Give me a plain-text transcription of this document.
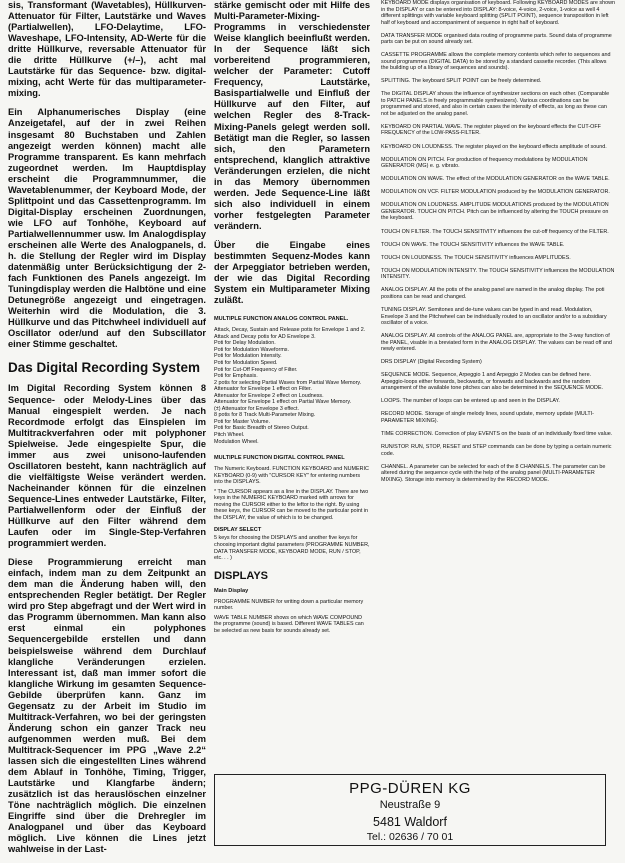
sis, Transformant (Wavetables), Hüllkurven-Attenuator für Filter, Lautstärke und Waves (Partialwellen), LFO-Delaytime, LFO-Waveshape, LFO-Intensity, AD-Werte für die dritte Hüllkurve, reversable Attenuator für die dritte Hüllkurve (+/–), acht mal Lautstärke für das Sequence- bzw. digital-mixing, acht Werte für das multiparameter-mixing.

Ein Alphanumerisches Display (eine Anzeigetafel, auf der in zwei Reihen insgesamt 80 Buchstaben und Zahlen angezeigt werden können) macht alle Programme transparent. Es kann mehrfach zugeordnet werden. Im Hauptdisplay erscheint die Programmnummer, die Wavetablenummer, der Keyboard Mode, der Splittpoint und das Cassettenprogramm. Im Digital-Display erscheinen Zuordnungen, wie LFO auf Tonhöhe, Keyboard auf Partialwellennummer usw. Im Analogdisplay erscheinen alle Werte des Analogpanels, d. h. die Stellung der Regler wird im Display datenmäßig unter Berücksichtigung der 2-fach Funktionen des Panels angezeigt. Im Tuningdisplay werden die Halbtöne und eine Detunegröße angezeigt und eingetragen. Weiterhin wird die Modulation, die 3. Hüllkurve und das Pitchwheel individuell auf Oscillator oder/und auf den Subscillator einer Stimme geschaltet.

Das Digital Recording System

Im Digital Recording System können 8 Sequence- oder Melody-Lines über das Manual eingespielt werden. Je nach Recordmode erfolgt das Einspielen im Multitrackverfahren oder mit polyphoner Spielweise. Jede eingespielte Spur, die immer aus zwei unisono-laufenden Oscillatoren besteht, kann nachträglich auf die vielfältigste Weise verändert werden. Nacheinander können für die einzelnen Sequence-Lines entweder Lautstärke, Filter, Partialwellenform oder der Einfluß der Hüllkurve auf den Filter während dem Laufen oder im Single-Step-Verfahren programmiert werden.

Diese Programmierung erreicht man einfach, indem man zu dem Zeitpunkt an dem man die Änderung haben will, den entsprechenden Regler betätigt. Der Regler wird pro Step abgefragt und der Wert wird in das Programm übernommen. Man kann also erst einmal ein polyphones Sequencergebilde erstellen und dann beispielsweise während dem Durchlauf klangliche Veränderungen erzielen. Interessant ist, daß man immer sofort die klangliche Wirkung im gesamten Sequence-Gebilde überprüfen kann. Ganz im Gegensatz zu der Arbeit im Studio im Multitrack-Verfahren, wo bei der geringsten Änderung schon ein ganzer Track neu aufgenommen werden muß. Bei dem Multitrack-Sequencer im PPG „Wave 2.2“ lassen sich die eingestellten Lines während dem Ablauf in Tonhöhe, Timing, Trigger, Lautstärke und Klangfarbe ändern; zusätzlich ist das herauslöschen einzelner Töne nachträglich möglich. Die einzelnen Eingriffe sind über die Drehregler im Analogpanel und über das Keyboard möglich. Live können die Lines jetzt wahlweise in der Last-

stärke gemischt oder mit Hilfe des Multi-Parameter-Mixing-Programms in verschiedenster Weise klanglich beeinflußt werden. In der Sequence läßt sich vorbereitend programmieren, welcher der Parameter: Cutoff Frequency, Lautstärke, Basispartialwelle und Einfluß der Hüllkurve auf den Filter, auf welchen Regler des 8-Track-Mixing-Panels gelegt werden soll. Betätigt man die Regler, so lassen sich, den Parametern entsprechend, klanglich attraktive Veränderungen erzielen, die nicht in das Memory übernommen werden. Jede Sequence-Line läßt sich also individuell in einem vorher festgelegten Parameter verändern.

Über die Eingabe eines bestimmten Sequenz-Modes kann der Arpeggiator betrieben werden, der wie das Digital Recording System ein Multiparameter Mixing zuläßt.

MULTIPLE FUNCTION ANALOG CONTROL PANEL.
Attack, Decay, Sustain and Release potis for Envelope 1 and 2.
Attack and Decay potis for AD Envelope 3.
Poti for Delay Modulation.
Poti for Modulation Waveforms.
Poti for Modulation Intensity.
Poti for Modulation Speed.
Poti for Cut-Off Frequency of Filter.
Poti for Emphasis.
2 potis for selecting Partial Waves from Partial Wave Memory.
Attenuator for Envelope 1 effect on Filter.
Attenuator for Envelope 2 effect on Loudness.
Attenuator for Envelope 1 effect on Partial Wave Memory.
(±) Attenuator for Envelope 3 effect.
8 potis for 8 Track Multi-Parameter Mixing.
Poti for Master Volume.
Poti for Basic Breadth of Stereo Output.
Pitch Wheel.
Modulation Wheel.
MULTIPLE FUNCTION DIGITAL CONTROL PANEL

The Numeric Keyboard. FUNCTION KEYBOARD and NUMERIC KEYBOARD (0-9) with "CURSOR KEY" for entering numbers into the DISPLAYS.

* The CURSOR appears as a line in the DISPLAY. There are two keys in the NUMERIC KEYBOARD marked with arrows for moving the CURSOR either to the leftor to the right. By using these keys, the CURSOR can be moved to the particular point in the DISPLAY, the value of which is to be changed.

DISPLAY SELECT

5 keys for choosing the DISPLAYS and another five keys for choosing important digital parameters (PROGRAMME NUMBER, DATA TRANSFER MODE, KEYBOARD MODE, RUN / STOP, etc. . . )

DISPLAYS
Main Display

PROGRAMME NUMBER for writing down a particular memory number.

WAVE TABLE NUMBER shows on which WAVE COMPOUND the programme (sound) is based. Different WAVE TABLES can be selected as new basis for sounds already set.

KEYBOARD MODE displays organisation of keyboard. Following KEYBOARD MODES are shown in the DISPLAY or can be entered into DISPLAY: 8-voice, 4-voice, 2-voice, 1-voice as well 4 different splittings with variable keyboard splitting (SPLIT POINT), sequence transposition in left half of keyboard and accompaniment of sequence in right half of keyboard.

DATA TRANSFER MODE organised data routing of programme parts. Sound data of programme parts can be put on sound already set.

CASSETTE PROGRAMME allows the complete memory contents which refer to sequences and sound programmes (DIGITAL DATA) to be stored by a standard cassette recorder. (This allows the building up of a library of sequences and sounds).

SPLITTING. The keyboard SPLIT POINT can be freely determined.

The DIGITAL DISPLAY shows the influence of synthesizer sections on each other. (Comparable to PATCH PANELS in freely programmable synthesizers). Various coordinations can be programmed and stored, and also in certain cases the intensity of effects, as long as these can not be adjusted on the analog panel.

KEYBOARD ON PARTIAL WAVE. The register played on the keyboard effects the CUT-OFF FREQUENCY of the LOW-PASS-FILTER.

KEYBOARD ON LOUDNESS. The register played on the keyboard effects amplitude of sound.

MODULATION ON PITCH. For production of frequency modulations by MODULATION GENERATOR (MG) e. g. vibrato.

MODULATION ON WAVE. The effect of the MODULATION GENERATOR on the WAVE TABLE.

MODULATION ON VCF. FILTER MODULATION produced by the MODULATION GENERATOR.

MODULATION ON LOUDNESS. AMPLITUDE MODULATIONS produced by the MODULATION GENERATOR. TOUCH ON PITCH. Pitch can be influenced by altering the TOUCH pressure on the keyboard.

TOUCH ON FILTER. The TOUCH SENSITIVITY influences the cut-off frequency of the FILTER.

TOUCH ON WAVE. The TOUCH SENSITIVITY influences the WAVE TABLE.

TOUCH ON LOUDNESS. The TOUCH SENSITIVITY influences AMPLITUDES.

TOUCH ON MODULATION INTENSITY. The TOUCH SENSITIVITY influences the MODULATION INTENSITY.

ANALOG DISPLAY. All the potis of the analog panel are named in the analog display. The poti positions can be read and changed.

TUNING DISPLAY. Semitones and de-tune values can be typed in and read. Modulation, Envelope 3 and the Pitchwheel can be individually routed to an oscillator and/or to a subsidiary oscillator of a voice.

ANALOG DISPLAY. All controls of the ANALOG PANEL are, appropriate to the 3-way function of the PANEL, visable in a breviated form in the ANALOG DISPLAY. The values can be read off and newly entered.

DRS DISPLAY (Digital Recording System)

SEQUENCE MODE. Sequence, Arpeggio 1 and Arpeggio 2 Modes can be defined here. Arpeggio-loops either forwards, beckwards, or forwards and backwards and the random arrangement of the available tone pitches can also be determined in the SEQUENCE MODE.

LOOPS. The number of loops can be entered up and seen in the DISPLAY.

RECORD MODE. Storage of single melody lines, sound update, memory update (MULTI-PARAMETER MIXING).

TIME CORRECTION. Correction of play EVENTS on the basis of an individually fixed time value.

RUN/STOP. RUN, STOP, RESET and STEP commands can be done by typing a certain numeric code.

CHANNEL. A parameter can be selected for each of the 8 CHANNELS. The parameter can be altered during the sequence cycle with the help of the analog panel (MULTI-PARAMETER MIXING). Storage into memory is determined by the RECORD MODE.

PPG-DÜREN KG
Neustraße 9
5481 Waldorf
Tel.: 02636 / 70 01
